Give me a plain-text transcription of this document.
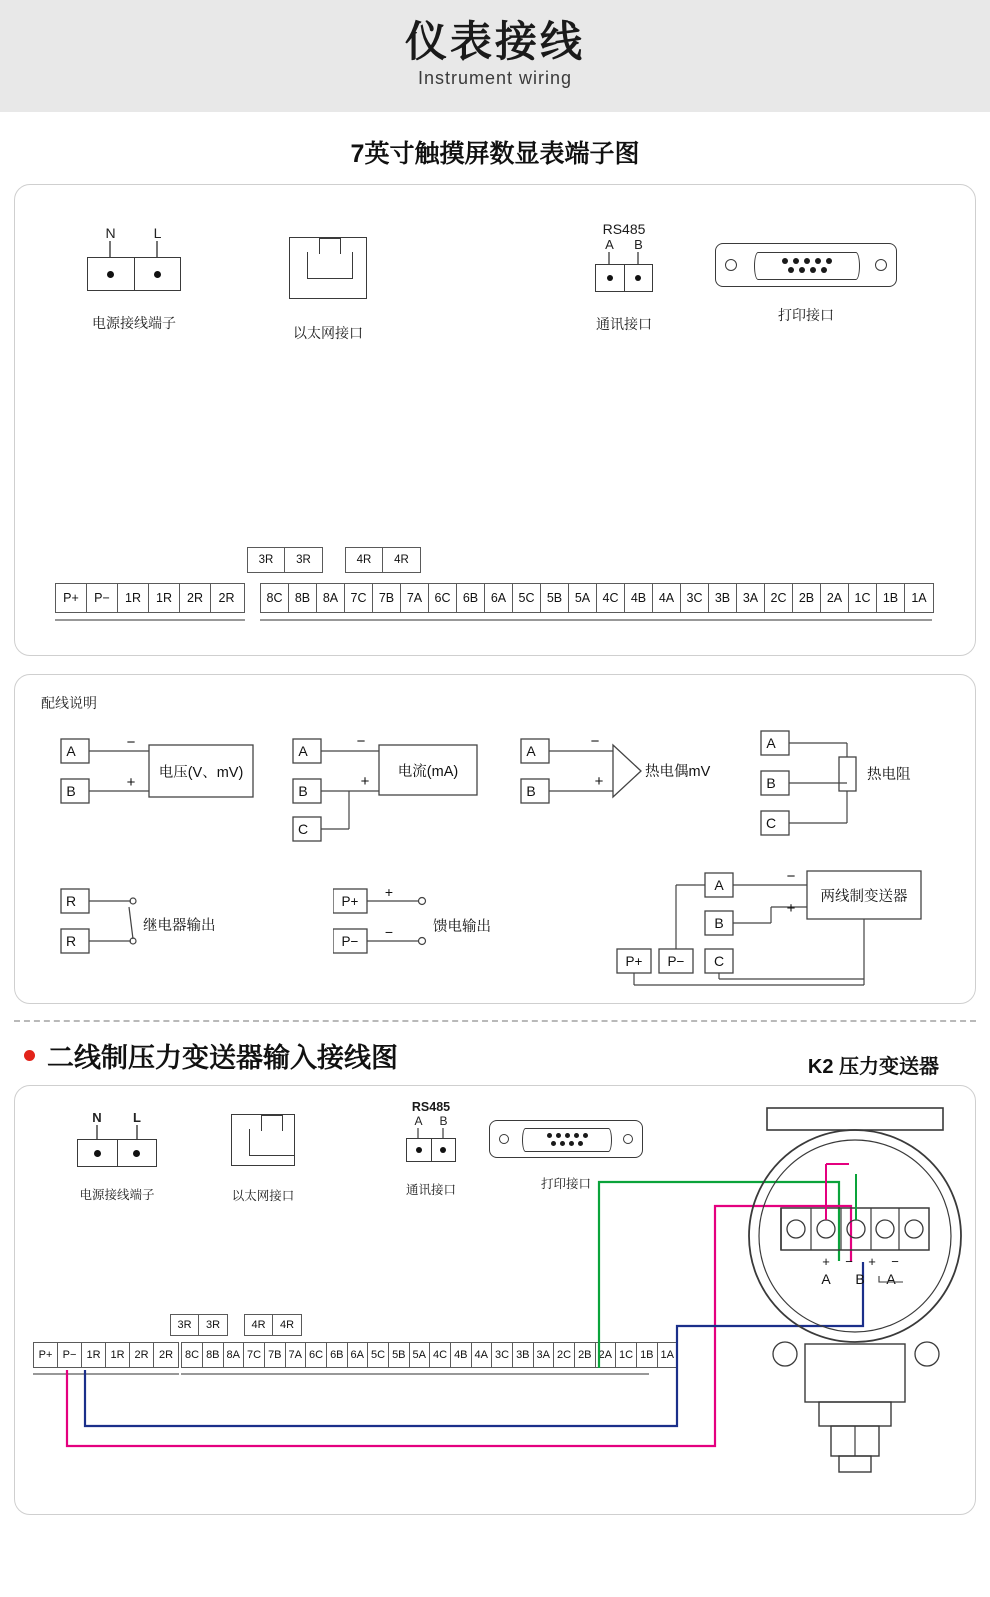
仪表接线
Instrument wiring
7英寸触摸屏数显表端子图
N	L
电源接线端子
以太网接口
RS485
A	B
通讯接口
打印接口
3R	3R	4R	4R
P+	P−	1R	1R	2R	2R	8C 8B	8A 7C 7B	7A 6C 6B	6A 5C 5B	5A 4C 4B	4A 3C 3B	3A 2C 2B	2A 1C 1B	1A
配线说明
A
B
−
+
电压(V、mV)
A
B
C
−
+
电流(mA)
A
B
−
+
热电偶mV
A
B
C
热电阻
R
R
继电器输出
P+
P−
+
−	馈电输出
A
B
C
P+ P−
−
+
两线制变送器
二线制压力变送器输入接线图	K2 压力变送器
N	L
电源接线端子	以太网接口
RS485
A	B
通讯接口	打印接口
3R	3R	4R	4R
P+ P− 1R 1R 2R 2R	8C 8B 8A 7C 7B 7A 6C 6B 6A 5C 5B 5A 4C 4B 4A 3C 3B 3A 2C 2B 2A 1C 1B 1A
+ − + −
A B A
